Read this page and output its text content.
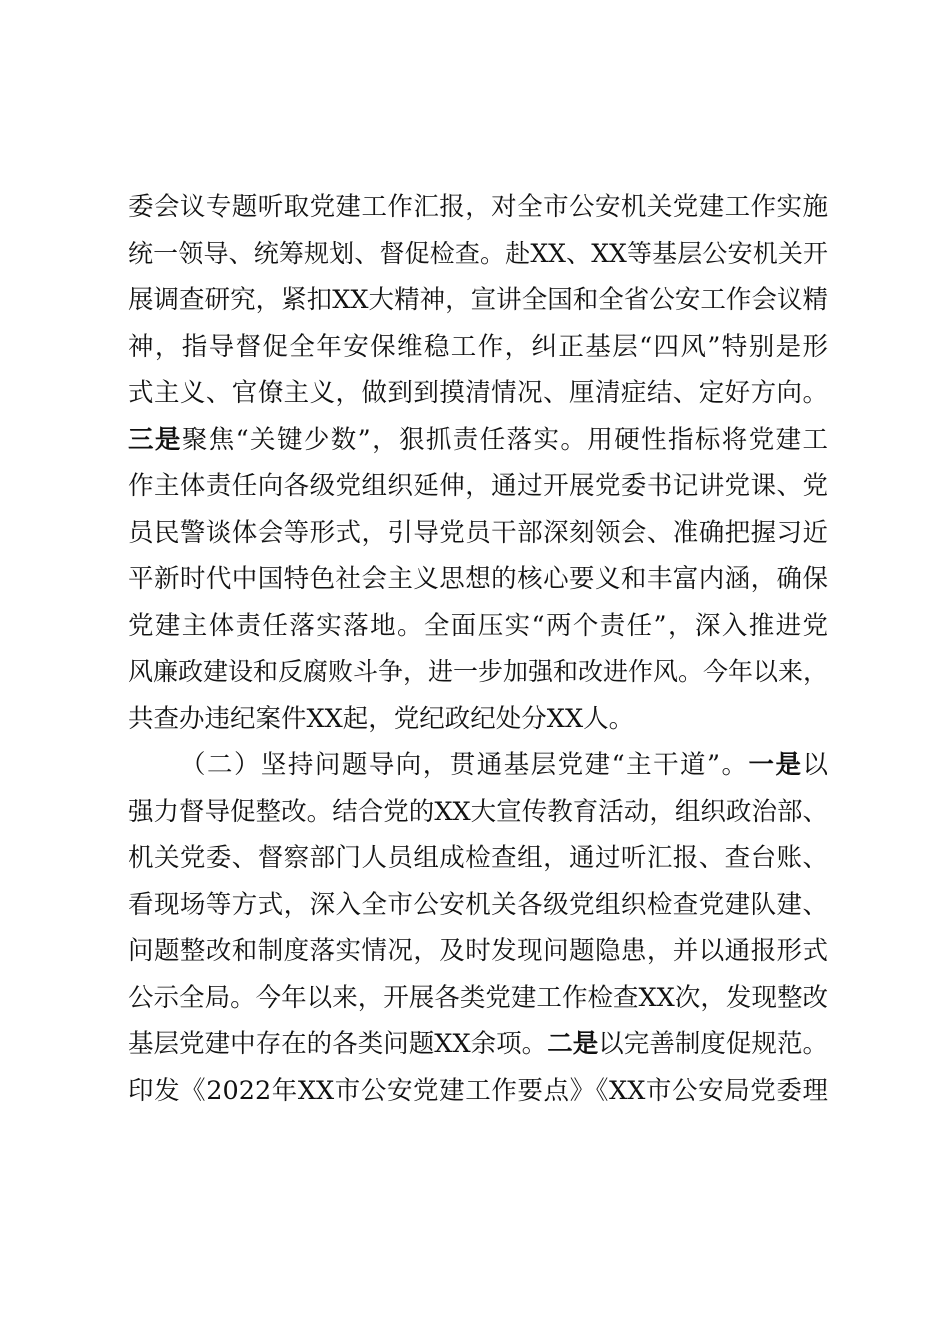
委会议专题听取党建工作汇报，对全市公安机关党建工作实施
统一领导、统筹规划、督促检查。赴XX、XX等基层公安机关开
展调查研究，紧扣XX大精神，宣讲全国和全省公安工作会议精
神，指导督促全年安保维稳工作，纠正基层“四风”特别是形
式主义、官僚主义，做到到摸清情况、厘清症结、定好方向。
三是聚焦“关键少数”，狠抓责任落实。用硬性指标将党建工
作主体责任向各级党组织延伸，通过开展党委书记讲党课、党
员民警谈体会等形式，引导党员干部深刻领会、准确把握习近
平新时代中国特色社会主义思想的核心要义和丰富内涵，确保
党建主体责任落实落地。全面压实“两个责任”，深入推进党
风廉政建设和反腐败斗争，进一步加强和改进作风。今年以来，
共查办违纪案件XX起，党纪政纪处分XX人。
（二）坚持问题导向，贯通基层党建“主干道”。一是以
强力督导促整改。结合党的XX大宣传教育活动，组织政治部、
机关党委、督察部门人员组成检查组，通过听汇报、查台账、
看现场等方式，深入全市公安机关各级党组织检查党建队建、
问题整改和制度落实情况，及时发现问题隐患，并以通报形式
公示全局。今年以来，开展各类党建工作检查XX次，发现整改
基层党建中存在的各类问题XX余项。二是以完善制度促规范。
印发《2022年XX市公安党建工作要点》《XX市公安局党委理
